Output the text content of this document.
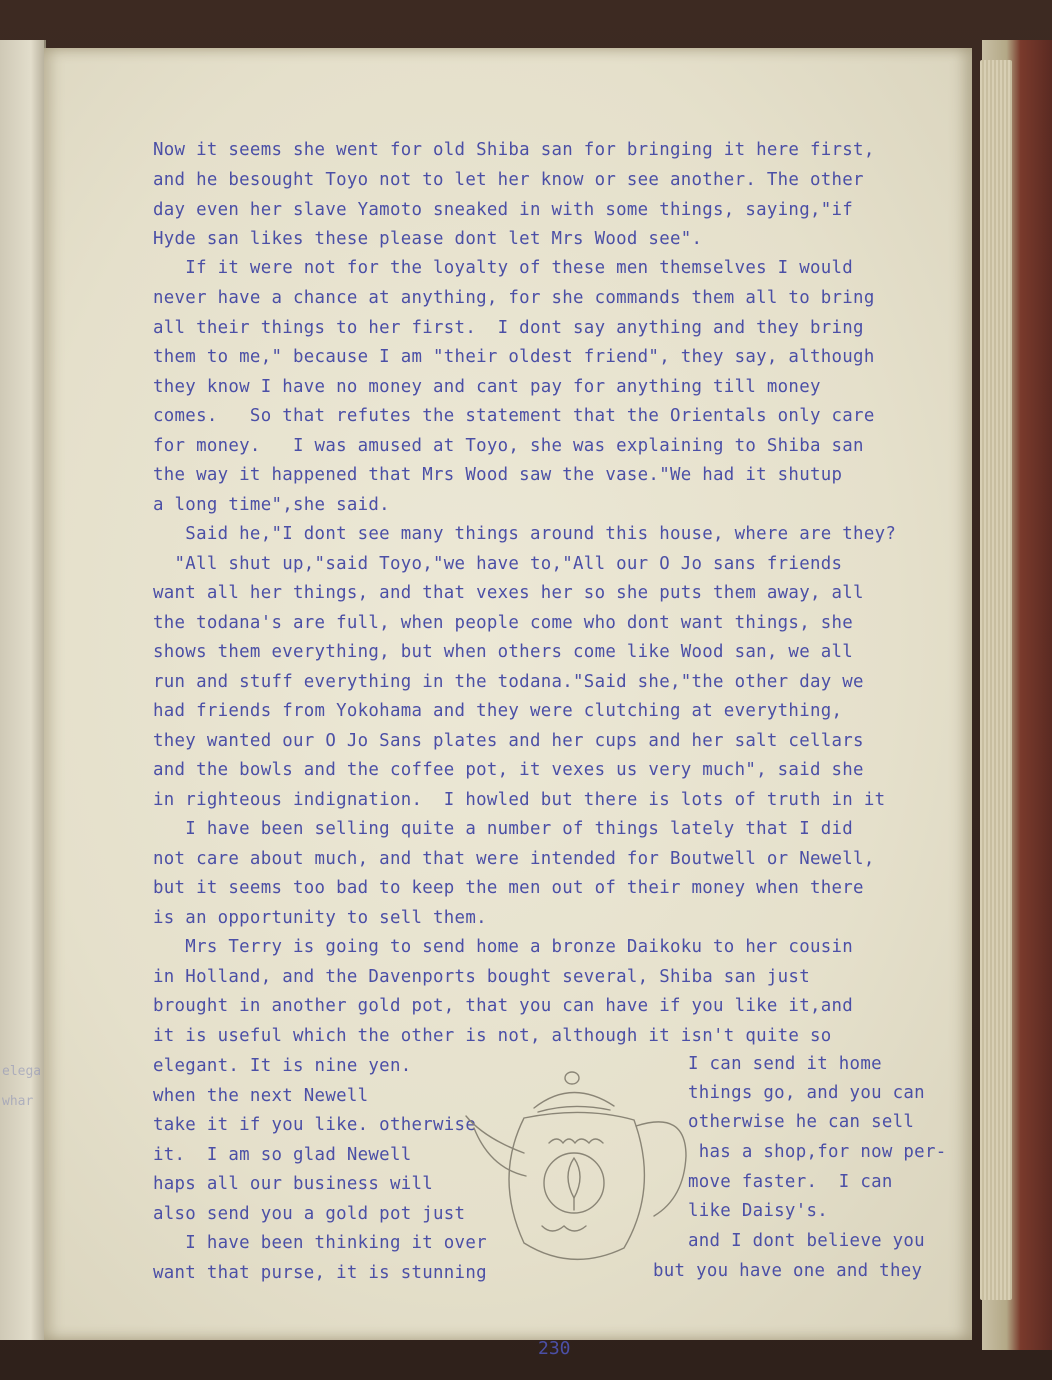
elega
whar
Now it seems she went for old Shiba san for bringing it here first,
and he besought Toyo not to let her know or see another. The other
day even her slave Yamoto sneaked in with some things, saying,"if
Hyde san likes these please dont let Mrs Wood see".
If it were not for the loyalty of these men themselves I would
never have a chance at anything, for she commands them all to bring
all their things to her first.  I dont say anything and they bring
them to me," because I am "their oldest friend", they say, although
they know I have no money and cant pay for anything till money
comes.   So that refutes the statement that the Orientals only care
for money.   I was amused at Toyo, she was explaining to Shiba san
the way it happened that Mrs Wood saw the vase."We had it shutup
a long time",she said.
Said he,"I dont see many things around this house, where are they?
"All shut up,"said Toyo,"we have to,"All our O Jo sans friends
want all her things, and that vexes her so she puts them away, all
the todana's are full, when people come who dont want things, she
shows them everything, but when others come like Wood san, we all
run and stuff everything in the todana."Said she,"the other day we
had friends from Yokohama and they were clutching at everything,
they wanted our O Jo Sans plates and her cups and her salt cellars
and the bowls and the coffee pot, it vexes us very much", said she
in righteous indignation.  I howled but there is lots of truth in it
I have been selling quite a number of things lately that I did
not care about much, and that were intended for Boutwell or Newell,
but it seems too bad to keep the men out of their money when there
is an opportunity to sell them.
Mrs Terry is going to send home a bronze Daikoku to her cousin
in Holland, and the Davenports bought several, Shiba san just
brought in another gold pot, that you can have if you like it,and
it is useful which the other is not, although it isn't quite so
elegant. It is nine yen.
when the next Newell
take it if you like. otherwise
it.  I am so glad Newell
haps all our business will
also send you a gold pot just
I have been thinking it over
want that purse, it is stunning
I can send it home
things go, and you can
otherwise he can sell
has a shop,for now per-
move faster.  I can
like Daisy's.
and I dont believe you
but you have one and they
230
